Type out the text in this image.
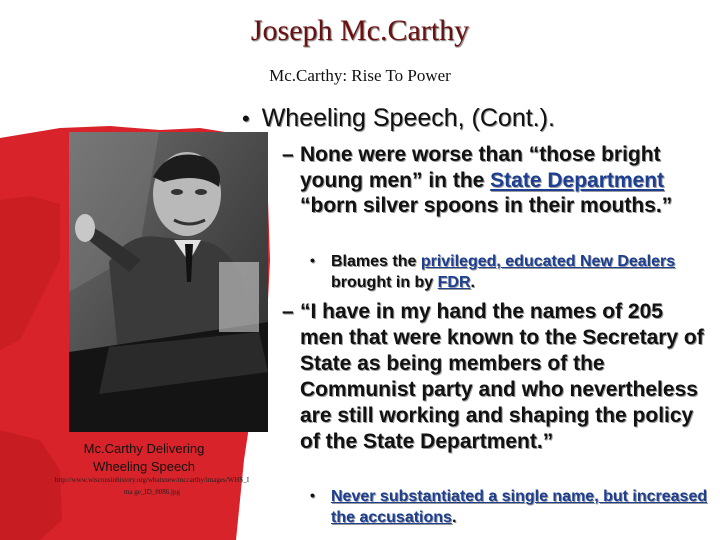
Joseph Mc.Carthy
Mc.Carthy: Rise To Power
• Wheeling Speech, (Cont.).
– None were worse than “those bright young men” in the State Department “born silver spoons in their mouths.”
•	Blames the privileged, educated New Dealers brought in by FDR.
– “I have in my hand the names of 205 men that were known to the Secretary of State as being members of the Communist party and who nevertheless are still working and shaping the policy of the State Department.”
•	Never substantiated a single name, but increased the accusations.
Mc.Carthy Delivering Wheeling Speech
http://www.wisconsinhistory.org/whatsnew/mccarthy/images/WHS_Ima ge_ID_8086.jpg
